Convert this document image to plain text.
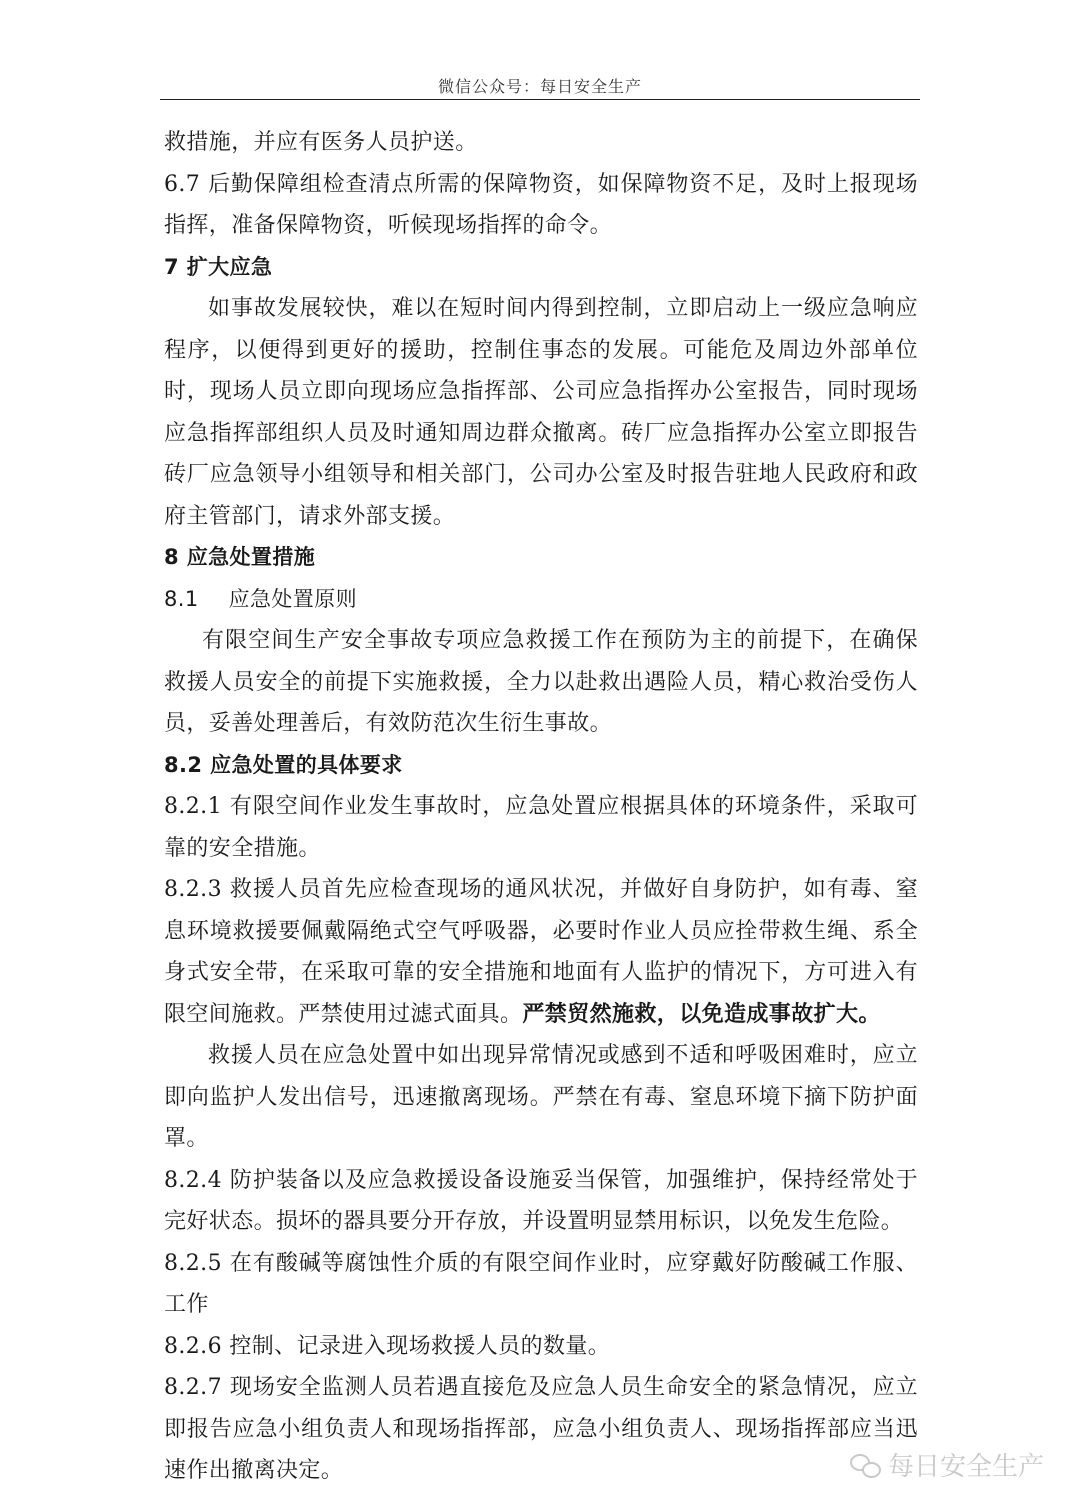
微信公众号：每日安全生产

救措施，并应有医务人员护送。

6.7 后勤保障组检查清点所需的保障物资，如保障物资不足，及时上报现场指挥，准备保障物资，听候现场指挥的命令。

7 扩大应急

如事故发展较快，难以在短时间内得到控制，立即启动上一级应急响应程序，以便得到更好的援助，控制住事态的发展。可能危及周边外部单位时，现场人员立即向现场应急指挥部、公司应急指挥办公室报告，同时现场应急指挥部组织人员及时通知周边群众撤离。砖厂应急指挥办公室立即报告砖厂应急领导小组领导和相关部门，公司办公室及时报告驻地人民政府和政府主管部门，请求外部支援。

8 应急处置措施

8.1 应急处置原则

有限空间生产安全事故专项应急救援工作在预防为主的前提下，在确保救援人员安全的前提下实施救援，全力以赴救出遇险人员，精心救治受伤人员，妥善处理善后，有效防范次生衍生事故。

8.2 应急处置的具体要求

8.2.1 有限空间作业发生事故时，应急处置应根据具体的环境条件，采取可靠的安全措施。

8.2.3 救援人员首先应检查现场的通风状况，并做好自身防护，如有毒、窒息环境救援要佩戴隔绝式空气呼吸器，必要时作业人员应拴带救生绳、系全身式安全带，在采取可靠的安全措施和地面有人监护的情况下，方可进入有限空间施救。严禁使用过滤式面具。严禁贸然施救，以免造成事故扩大。

救援人员在应急处置中如出现异常情况或感到不适和呼吸困难时，应立即向监护人发出信号，迅速撤离现场。严禁在有毒、窒息环境下摘下防护面罩。

8.2.4 防护装备以及应急救援设备设施妥当保管，加强维护，保持经常处于完好状态。损坏的器具要分开存放，并设置明显禁用标识，以免发生危险。

8.2.5 在有酸碱等腐蚀性介质的有限空间作业时，应穿戴好防酸碱工作服、工作

8.2.6 控制、记录进入现场救援人员的数量。

8.2.7 现场安全监测人员若遇直接危及应急人员生命安全的紧急情况，应立即报告应急小组负责人和现场指挥部，应急小组负责人、现场指挥部应当迅速作出撤离决定。	每日安全生产
